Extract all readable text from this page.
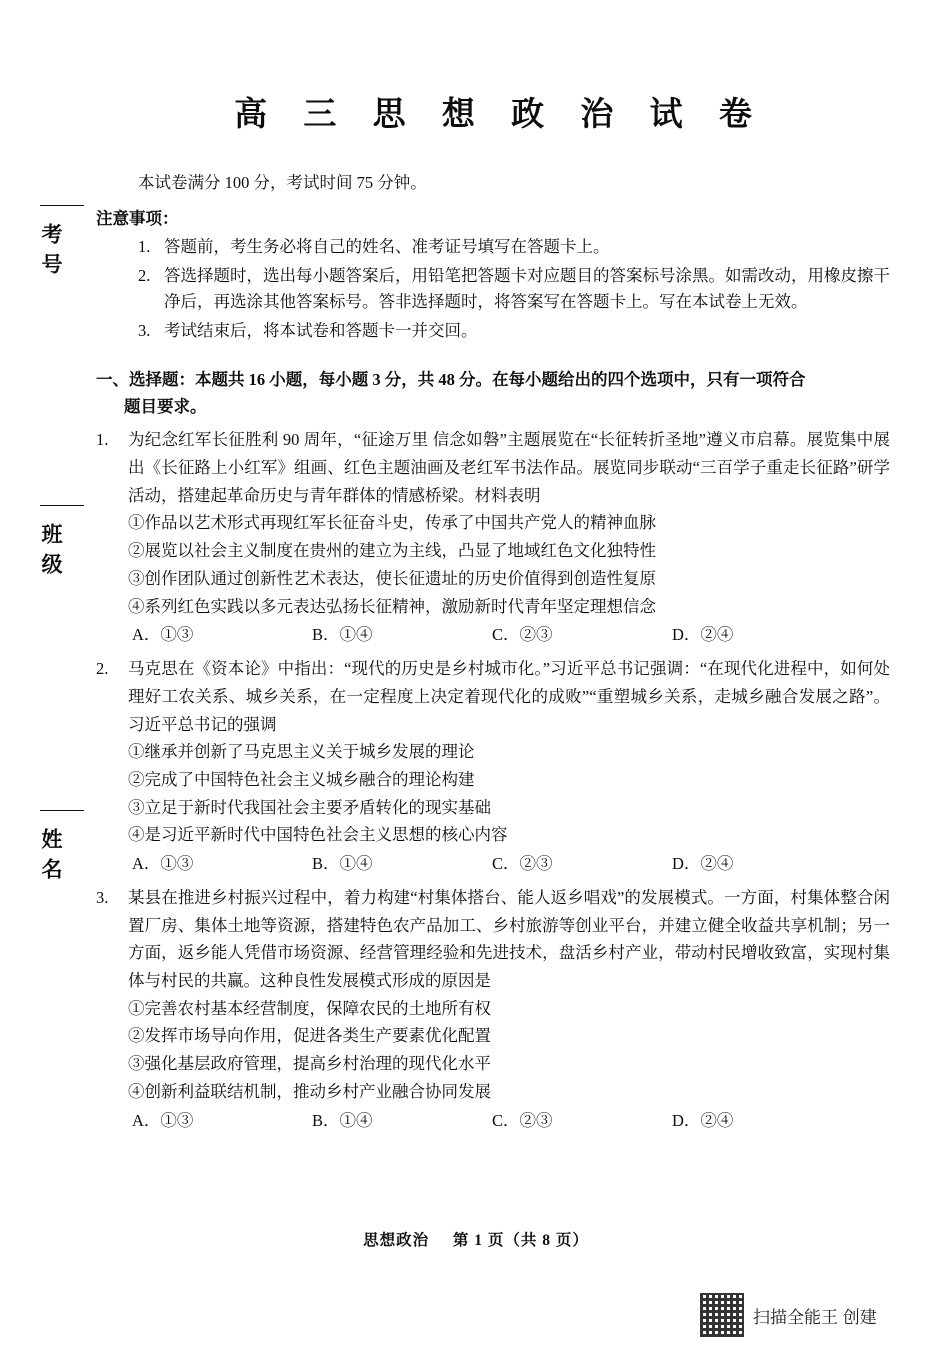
考号
班级
姓名
高 三 思 想 政 治 试 卷

本试卷满分 100 分，考试时间 75 分钟。

注意事项：
1. 答题前，考生务必将自己的姓名、准考证号填写在答题卡上。
2. 答选择题时，选出每小题答案后，用铅笔把答题卡对应题目的答案标号涂黑。如需改动，用橡皮擦干净后，再选涂其他答案标号。答非选择题时，将答案写在答题卡上。写在本试卷上无效。
3. 考试结束后，将本试卷和答题卡一并交回。
一、选择题：本题共 16 小题，每小题 3 分，共 48 分。在每小题给出的四个选项中，只有一项符合
题目要求。
1.	为纪念红军长征胜利 90 周年，“征途万里 信念如磐”主题展览在“长征转折圣地”遵义市启幕。展览集中展出《长征路上小红军》组画、红色主题油画及老红军书法作品。展览同步联动“三百学子重走长征路”研学活动，搭建起革命历史与青年群体的情感桥梁。材料表明
①作品以艺术形式再现红军长征奋斗史，传承了中国共产党人的精神血脉
②展览以社会主义制度在贵州的建立为主线，凸显了地域红色文化独特性
③创作团队通过创新性艺术表达，使长征遗址的历史价值得到创造性复原
④系列红色实践以多元表达弘扬长征精神，激励新时代青年坚定理想信念
A．①③	B．①④	C．②③	D．②④
2.	马克思在《资本论》中指出：“现代的历史是乡村城市化。”习近平总书记强调：“在现代化进程中，如何处理好工农关系、城乡关系，在一定程度上决定着现代化的成败”“重塑城乡关系，走城乡融合发展之路”。习近平总书记的强调
①继承并创新了马克思主义关于城乡发展的理论
②完成了中国特色社会主义城乡融合的理论构建
③立足于新时代我国社会主要矛盾转化的现实基础
④是习近平新时代中国特色社会主义思想的核心内容
A．①③	B．①④	C．②③	D．②④
3.	某县在推进乡村振兴过程中，着力构建“村集体搭台、能人返乡唱戏”的发展模式。一方面，村集体整合闲置厂房、集体土地等资源，搭建特色农产品加工、乡村旅游等创业平台，并建立健全收益共享机制；另一方面，返乡能人凭借市场资源、经营管理经验和先进技术，盘活乡村产业，带动村民增收致富，实现村集体与村民的共赢。这种良性发展模式形成的原因是
①完善农村基本经营制度，保障农民的土地所有权
②发挥市场导向作用，促进各类生产要素优化配置
③强化基层政府管理，提高乡村治理的现代化水平
④创新利益联结机制，推动乡村产业融合协同发展
A．①③	B．①④	C．②③	D．②④
思想政治 第 1 页（共 8 页）
扫描全能王 创建
